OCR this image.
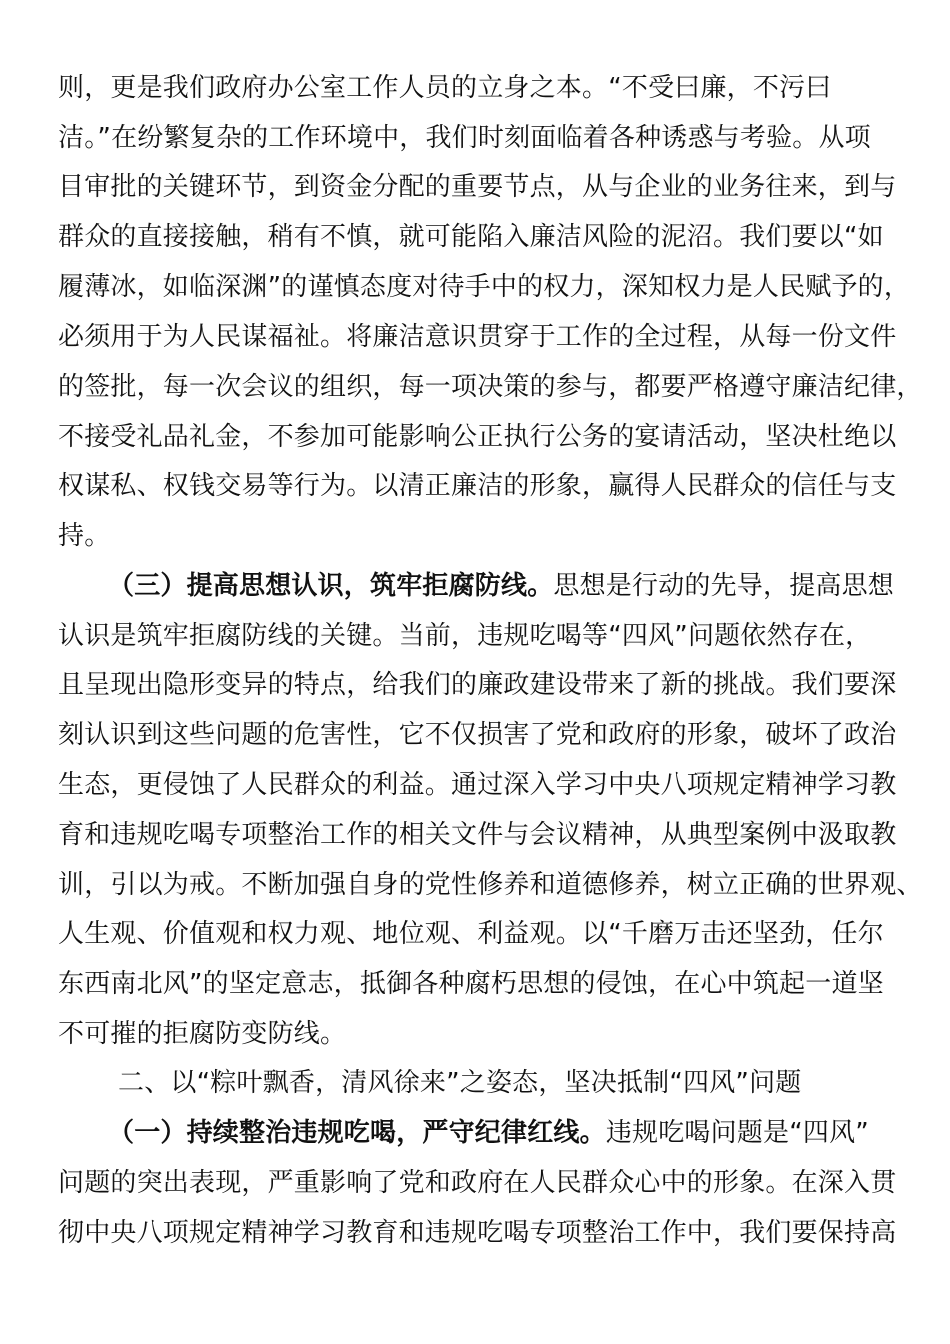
则，更是我们政府办公室工作人员的立身之本。“不受曰廉，不污曰
洁。”在纷繁复杂的工作环境中，我们时刻面临着各种诱惑与考验。从项
目审批的关键环节，到资金分配的重要节点，从与企业的业务往来，到与
群众的直接接触，稍有不慎，就可能陷入廉洁风险的泥沼。我们要以“如
履薄冰，如临深渊”的谨慎态度对待手中的权力，深知权力是人民赋予的，
必须用于为人民谋福祉。将廉洁意识贯穿于工作的全过程，从每一份文件
的签批，每一次会议的组织，每一项决策的参与，都要严格遵守廉洁纪律，
不接受礼品礼金，不参加可能影响公正执行公务的宴请活动，坚决杜绝以
权谋私、权钱交易等行为。以清正廉洁的形象，赢得人民群众的信任与支
持。
（三）提高思想认识，筑牢拒腐防线。思想是行动的先导，提高思想
认识是筑牢拒腐防线的关键。当前，违规吃喝等“四风”问题依然存在，
且呈现出隐形变异的特点，给我们的廉政建设带来了新的挑战。我们要深
刻认识到这些问题的危害性，它不仅损害了党和政府的形象，破坏了政治
生态，更侵蚀了人民群众的利益。通过深入学习中央八项规定精神学习教
育和违规吃喝专项整治工作的相关文件与会议精神，从典型案例中汲取教
训，引以为戒。不断加强自身的党性修养和道德修养，树立正确的世界观、
人生观、价值观和权力观、地位观、利益观。以“千磨万击还坚劲，任尔
东西南北风”的坚定意志，抵御各种腐朽思想的侵蚀，在心中筑起一道坚
不可摧的拒腐防变防线。
二、以“粽叶飘香，清风徐来”之姿态，坚决抵制“四风”问题
（一）持续整治违规吃喝，严守纪律红线。违规吃喝问题是“四风”
问题的突出表现，严重影响了党和政府在人民群众心中的形象。在深入贯
彻中央八项规定精神学习教育和违规吃喝专项整治工作中，我们要保持高
